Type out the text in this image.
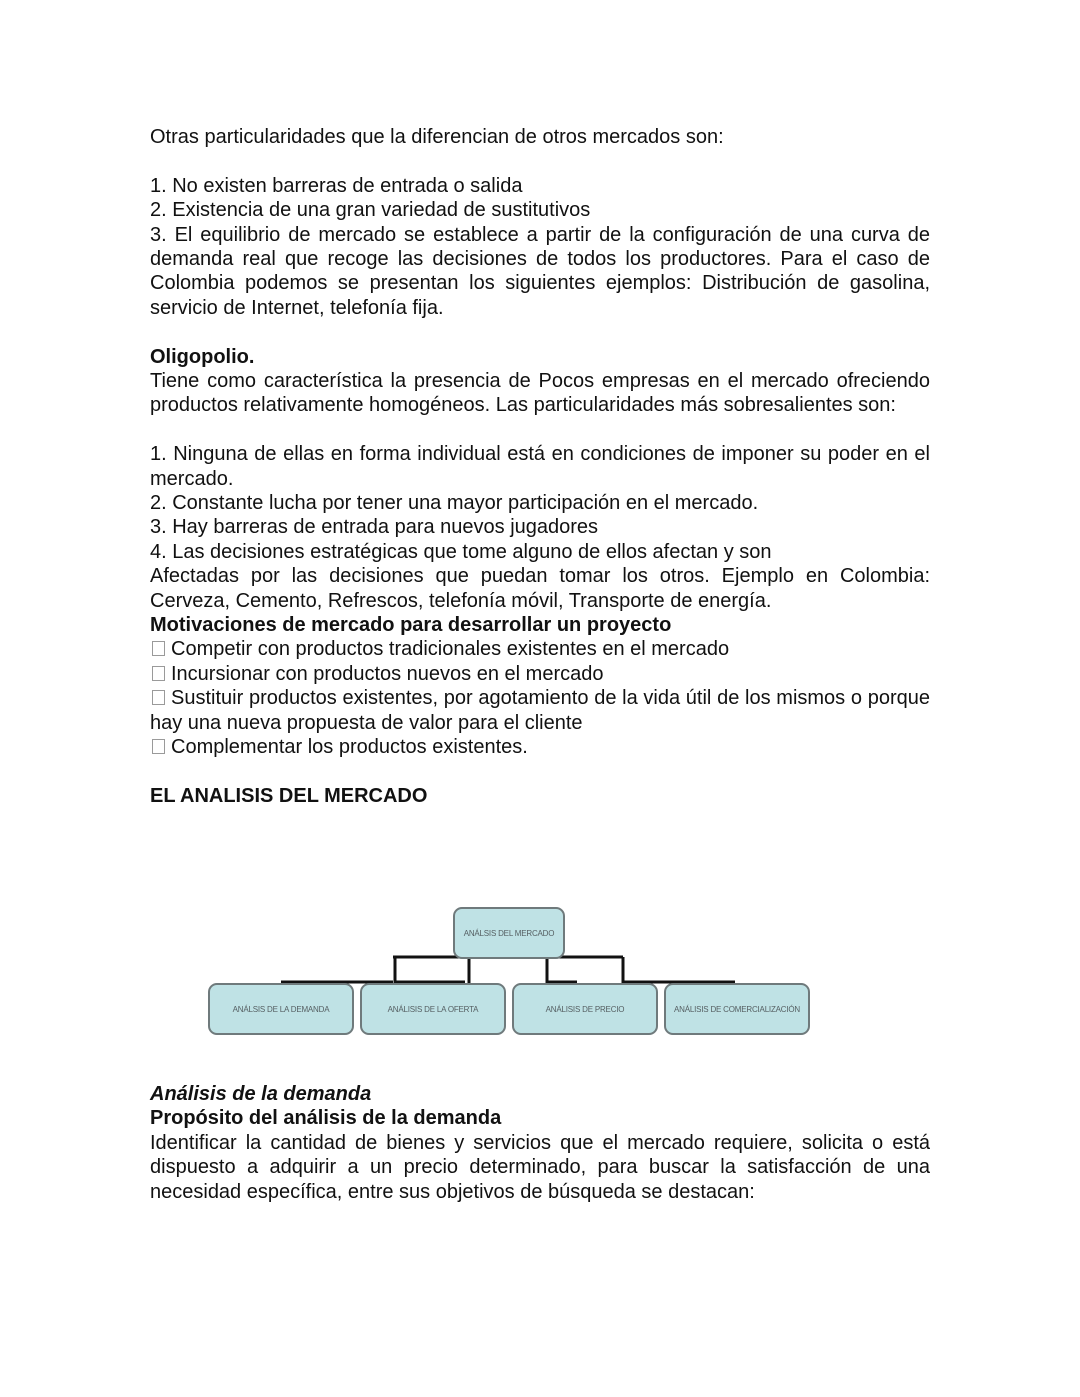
Otras particularidades que la diferencian de otros mercados son:

1. No existen barreras de entrada o salida

2. Existencia de una gran variedad de sustitutivos

3. El equilibrio de mercado se establece a partir de la configuración de una curva de demanda real que recoge las decisiones de todos los productores. Para el caso de Colombia podemos se presentan los siguientes ejemplos: Distribución de gasolina, servicio de Internet, telefonía fija.

Oligopolio.

Tiene como característica la presencia de Pocos empresas en el mercado ofreciendo productos relativamente homogéneos. Las particularidades más sobresalientes son:

1. Ninguna de ellas en forma individual está en condiciones de imponer su poder en el mercado.

2. Constante lucha por tener una mayor participación en el mercado.

3. Hay barreras de entrada para nuevos jugadores

4. Las decisiones estratégicas que tome alguno de ellos afectan y son

Afectadas por las decisiones que puedan tomar los otros. Ejemplo en Colombia: Cerveza, Cemento, Refrescos, telefonía móvil, Transporte de energía.

Motivaciones de mercado para desarrollar un proyecto

Competir con productos tradicionales existentes en el mercado

Incursionar con productos nuevos en el mercado

Sustituir productos existentes, por agotamiento de la vida útil de los mismos o porque hay una nueva propuesta de valor para el cliente

Complementar los productos existentes.

EL ANALISIS DEL MERCADO

ANÁLSIS DEL MERCADO
ANÁLSIS DE LA DEMANDA	ANÁLISIS DE LA OFERTA	ANÁLISIS DE PRECIO	ANÁLISIS DE COMERCIALIZACIÓN

Análisis de la demanda

Propósito del análisis de la demanda

Identificar la cantidad de bienes y servicios que el mercado requiere, solicita o está dispuesto a adquirir a un precio determinado, para buscar la satisfacción de una necesidad específica, entre sus objetivos de búsqueda se destacan:
